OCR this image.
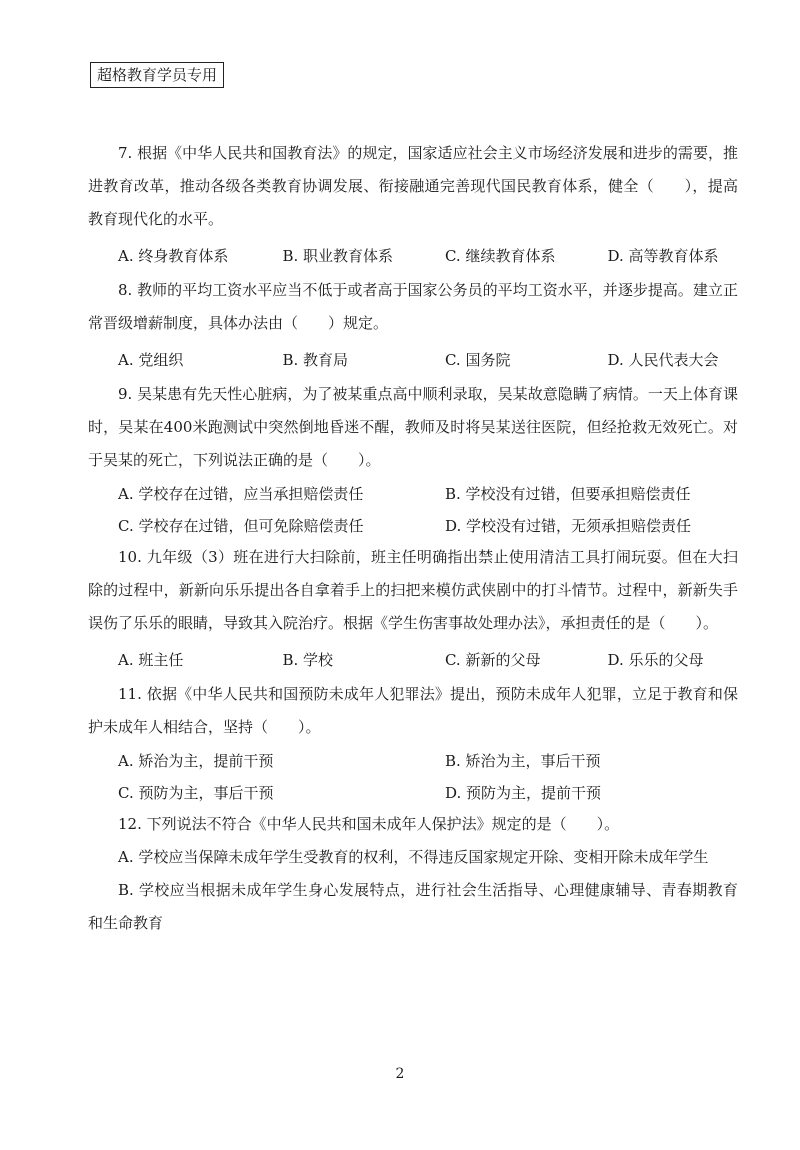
超格教育学员专用

7. 根据《中华人民共和国教育法》的规定，国家适应社会主义市场经济发展和进步的需要，推进教育改革，推动各级各类教育协调发展、衔接融通完善现代国民教育体系，健全（　　），提高教育现代化的水平。

A. 终身教育体系	B. 职业教育体系	C. 继续教育体系	D. 高等教育体系

8. 教师的平均工资水平应当不低于或者高于国家公务员的平均工资水平，并逐步提高。建立正常晋级增薪制度，具体办法由（　　）规定。

A. 党组织	B. 教育局	C. 国务院	D. 人民代表大会

9. 吴某患有先天性心脏病，为了被某重点高中顺利录取，吴某故意隐瞒了病情。一天上体育课时，吴某在400米跑测试中突然倒地昏迷不醒，教师及时将吴某送往医院，但经抢救无效死亡。对于吴某的死亡，下列说法正确的是（　　）。

A. 学校存在过错，应当承担赔偿责任	B. 学校没有过错，但要承担赔偿责任
C. 学校存在过错，但可免除赔偿责任	D. 学校没有过错，无须承担赔偿责任

10. 九年级（3）班在进行大扫除前，班主任明确指出禁止使用清洁工具打闹玩耍。但在大扫除的过程中，新新向乐乐提出各自拿着手上的扫把来模仿武侠剧中的打斗情节。过程中，新新失手误伤了乐乐的眼睛，导致其入院治疗。根据《学生伤害事故处理办法》，承担责任的是（　　）。

A. 班主任	B. 学校	C. 新新的父母	D. 乐乐的父母

11. 依据《中华人民共和国预防未成年人犯罪法》提出，预防未成年人犯罪，立足于教育和保护未成年人相结合，坚持（　　）。

A. 矫治为主，提前干预	B. 矫治为主，事后干预
C. 预防为主，事后干预	D. 预防为主，提前干预

12. 下列说法不符合《中华人民共和国未成年人保护法》规定的是（　　）。

A. 学校应当保障未成年学生受教育的权利，不得违反国家规定开除、变相开除未成年学生

B. 学校应当根据未成年学生身心发展特点，进行社会生活指导、心理健康辅导、青春期教育和生命教育

2
